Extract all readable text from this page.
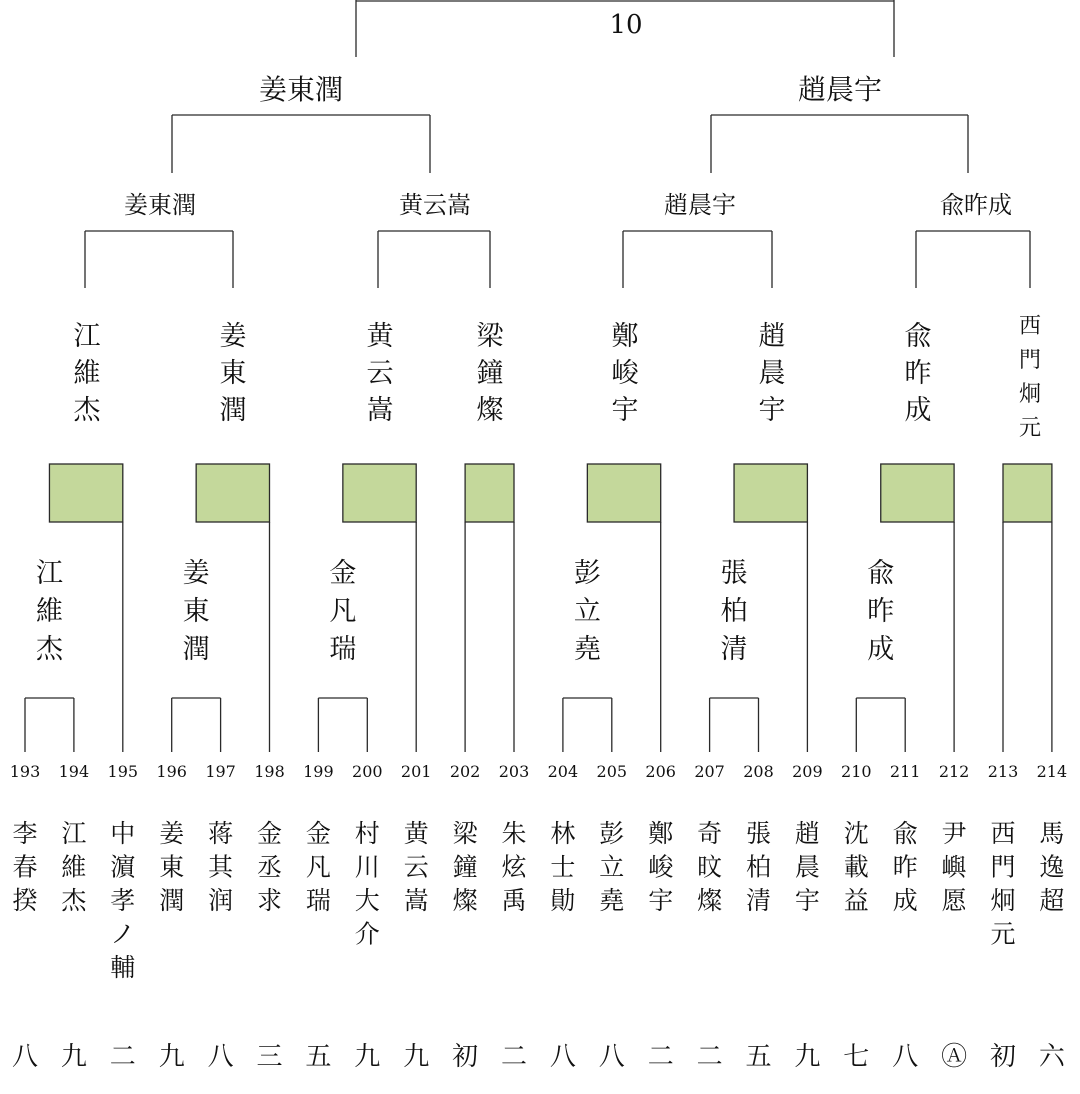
193
李春揆
八
194
江維杰
九
195
中濵孝ノ輔
二
196
姜東潤
九
197
蒋其润
八
198
金丞求
三
199
金凡瑞
五
200
村川大介
九
201
黄云嵩
九
202
梁鐘燦
初
203
朱炫禹
二
204
林士勛
八
205
彭立堯
八
206
鄭峻宇
二
207
奇旼燦
二
208
張柏清
五
209
趙晨宇
九
210
沈載益
七
211
兪昨成
八
212
尹嶼愿
Ⓐ
213
西門炯元
初
214
馬逸超
六
江維杰
姜東潤
金凡瑞
彭立堯
張柏清
兪昨成
江維杰
姜東潤
黄云嵩
梁鐘燦
鄭峻宇
趙晨宇
兪昨成
西門炯元
姜東潤	黄云嵩	趙晨宇	兪昨成
姜東潤	趙晨宇
10
